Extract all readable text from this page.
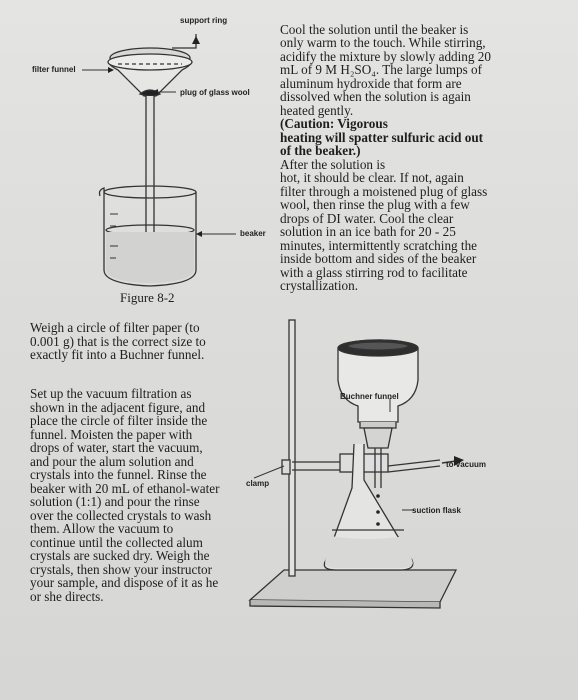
support ring
filter funnel
plug of glass wool
beaker
Figure 8-2

Cool the solution until the beaker is
only warm to the touch. While stirring,
acidify the mixture by slowly adding 20
mL of 9 M H₂SO₄. The large lumps of
aluminum hydroxide that form are
dissolved when the solution is again
heated gently.
(Caution: Vigorous
heating will spatter sulfuric acid out
of the beaker.)
After the solution is
hot, it should be clear. If not, again
filter through a moistened plug of glass
wool, then rinse the plug with a few
drops of DI water. Cool the clear
solution in an ice bath for 20 - 25
minutes, intermittently scratching the
inside bottom and sides of the beaker
with a glass stirring rod to facilitate
crystallization.

Weigh a circle of filter paper (to
0.001 g) that is the correct size to
exactly fit into a Buchner funnel.
Set up the vacuum filtration as
shown in the adjacent figure, and
place the circle of filter inside the
funnel. Moisten the paper with
drops of water, start the vacuum,
and pour the alum solution and
crystals into the funnel. Rinse the
beaker with 20 mL of ethanol-water
solution (1:1) and pour the rinse
over the collected crystals to wash
them. Allow the vacuum to
continue until the collected alum
crystals are sucked dry. Weigh the
crystals, then show your instructor
your sample, and dispose of it as he
or she directs.
Buchner funnel
to vacuum
clamp
suction flask
